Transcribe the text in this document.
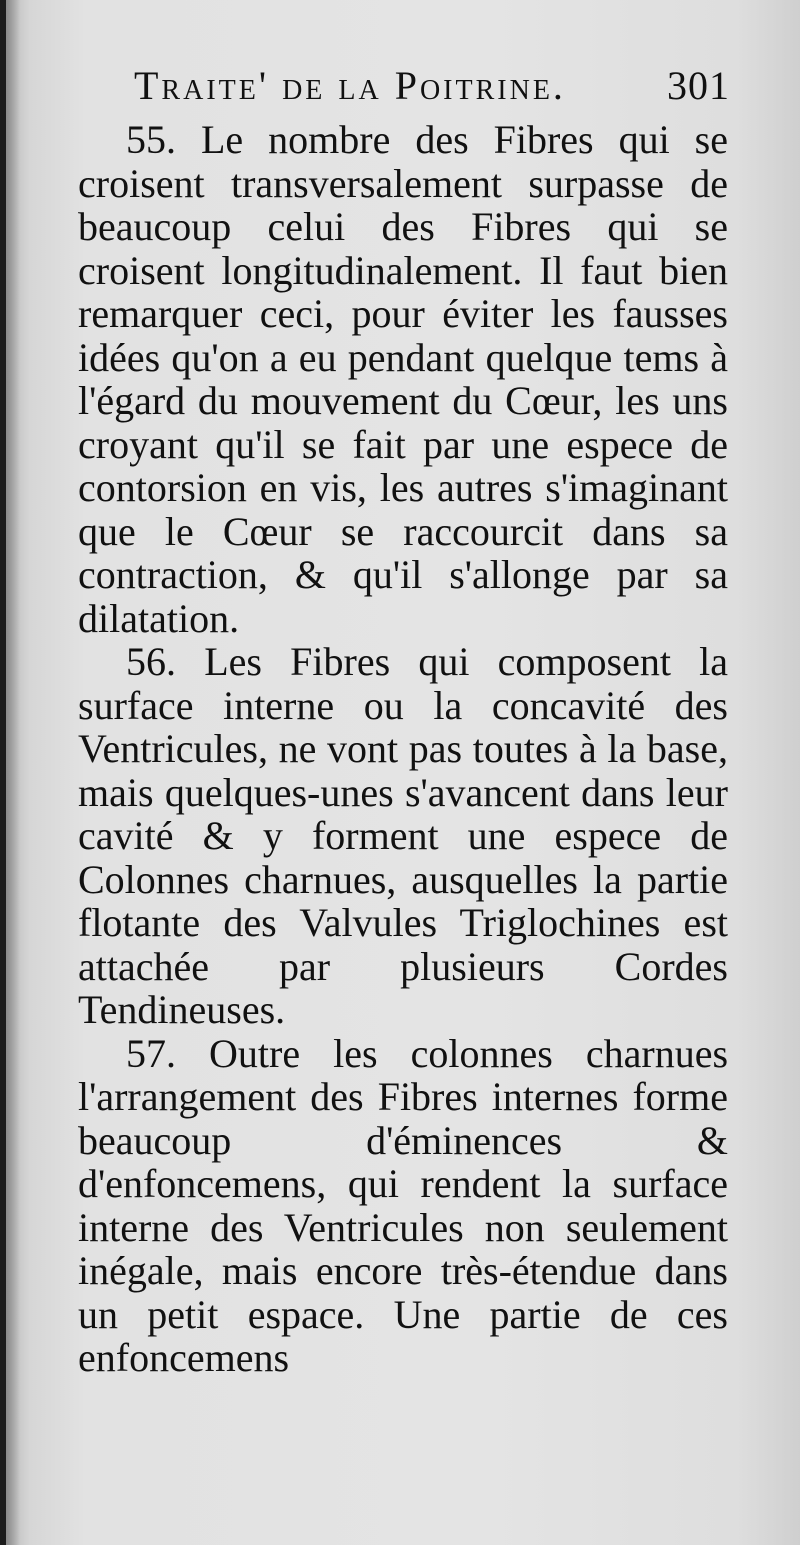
Traite' de la Poitrine.	301

55. Le nombre des Fibres qui se croisent transversalement surpasse de beaucoup celui des Fibres qui se croisent longitudinalement. Il faut bien remarquer ceci, pour éviter les fausses idées qu'on a eu pendant quelque tems à l'égard du mouvement du Cœur, les uns croyant qu'il se fait par une espece de contorsion en vis, les autres s'imaginant que le Cœur se raccourcit dans sa contraction, & qu'il s'allonge par sa dilatation.

56. Les Fibres qui composent la surface interne ou la concavité des Ventricules, ne vont pas toutes à la base, mais quelques-unes s'avancent dans leur cavité & y forment une espece de Colonnes charnues, ausquelles la partie flotante des Valvules Triglochines est attachée par plusieurs Cordes Tendineuses.

57. Outre les colonnes charnues l'arrangement des Fibres internes forme beaucoup d'éminences & d'enfoncemens, qui rendent la surface interne des Ventricules non seulement inégale, mais encore très-étendue dans un petit espace. Une partie de ces enfoncemens
